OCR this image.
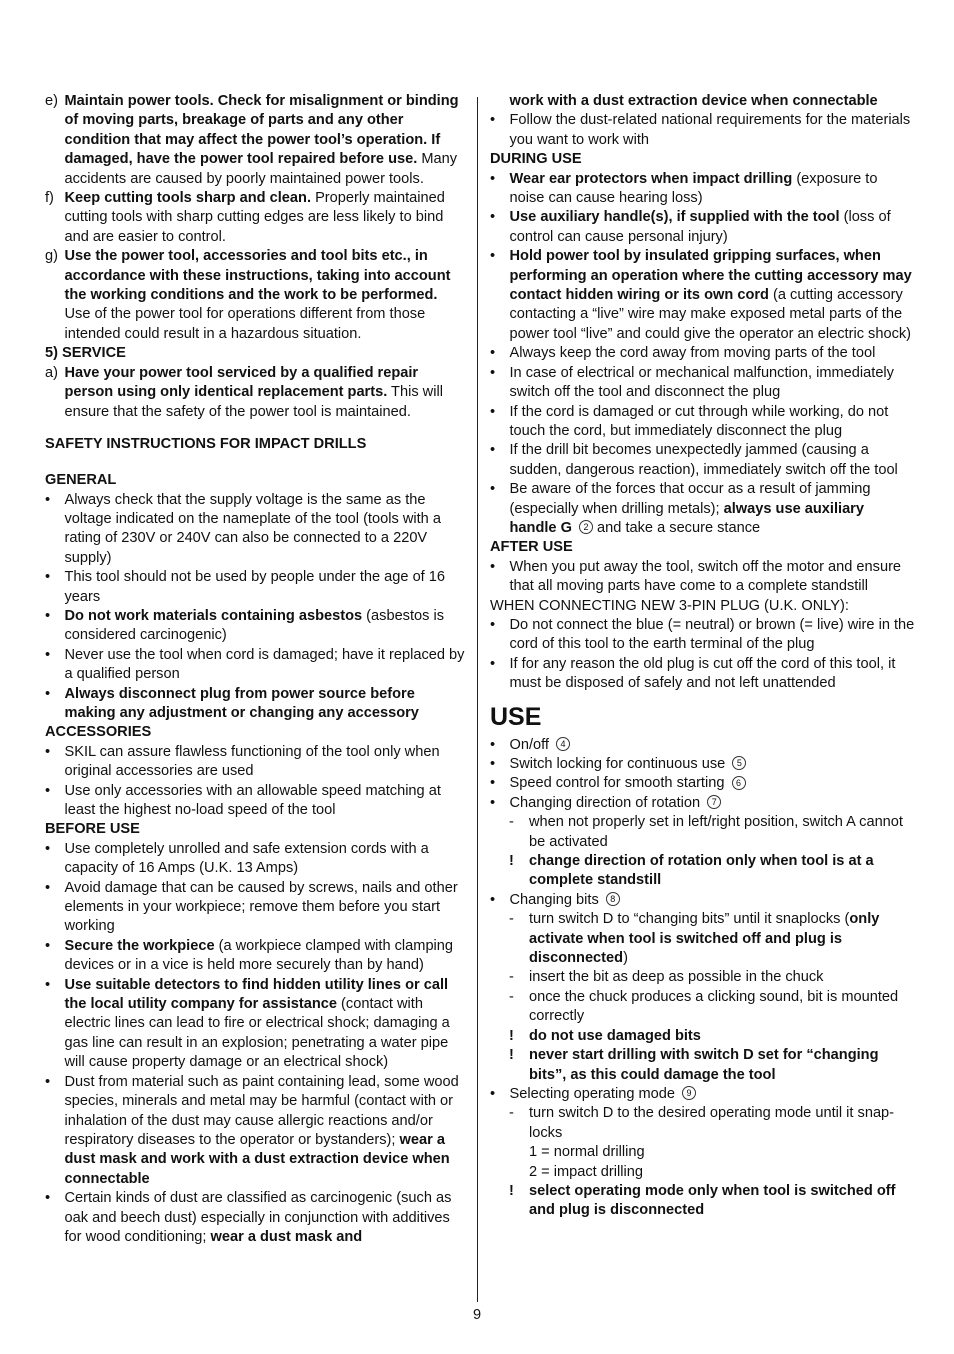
e) Maintain power tools. Check for misalignment or binding of moving parts, breakage of parts and any other condition that may affect the power tool’s operation. If damaged, have the power tool repaired before use. Many accidents are caused by poorly maintained power tools.
f) Keep cutting tools sharp and clean. Properly maintained cutting tools with sharp cutting edges are less likely to bind and are easier to control.
g) Use the power tool, accessories and tool bits etc., in accordance with these instructions, taking into account the working conditions and the work to be performed. Use of the power tool for operations different from those intended could result in a hazardous situation.
5) SERVICE
a) Have your power tool serviced by a qualified repair person using only identical replacement parts. This will ensure that the safety of the power tool is maintained.
SAFETY INSTRUCTIONS FOR IMPACT DRILLS
GENERAL
• Always check that the supply voltage is the same as the voltage indicated on the nameplate of the tool (tools with a rating of 230V or 240V can also be connected to a 220V supply)
• This tool should not be used by people under the age of 16 years
• Do not work materials containing asbestos (asbestos is considered carcinogenic)
• Never use the tool when cord is damaged; have it replaced by a qualified person
• Always disconnect plug from power source before making any adjustment or changing any accessory
ACCESSORIES
• SKIL can assure flawless functioning of the tool only when original accessories are used
• Use only accessories with an allowable speed matching at least the highest no-load speed of the tool
BEFORE USE
• Use completely unrolled and safe extension cords with a capacity of 16 Amps (U.K. 13 Amps)
• Avoid damage that can be caused by screws, nails and other elements in your workpiece; remove them before you start working
• Secure the workpiece (a workpiece clamped with clamping devices or in a vice is held more securely than by hand)
• Use suitable detectors to find hidden utility lines or call the local utility company for assistance (contact with electric lines can lead to fire or electrical shock; damaging a gas line can result in an explosion; penetrating a water pipe will cause property damage or an electrical shock)
• Dust from material such as paint containing lead, some wood species, minerals and metal may be harmful (contact with or inhalation of the dust may cause allergic reactions and/or respiratory diseases to the operator or bystanders); wear a dust mask and work with a dust extraction device when connectable
• Certain kinds of dust are classified as carcinogenic (such as oak and beech dust) especially in conjunction with additives for wood conditioning; wear a dust mask and
work with a dust extraction device when connectable
• Follow the dust-related national requirements for the materials you want to work with
DURING USE
• Wear ear protectors when impact drilling (exposure to noise can cause hearing loss)
• Use auxiliary handle(s), if supplied with the tool (loss of control can cause personal injury)
• Hold power tool by insulated gripping surfaces, when performing an operation where the cutting accessory may contact hidden wiring or its own cord (a cutting accessory contacting a “live” wire may make exposed metal parts of the power tool “live” and could give the operator an electric shock)
• Always keep the cord away from moving parts of the tool
• In case of electrical or mechanical malfunction, immediately switch off the tool and disconnect the plug
• If the cord is damaged or cut through while working, do not touch the cord, but immediately disconnect the plug
• If the drill bit becomes unexpectedly jammed (causing a sudden, dangerous reaction), immediately switch off the tool
• Be aware of the forces that occur as a result of jamming (especially when drilling metals); always use auxiliary handle G 2 and take a secure stance
AFTER USE
• When you put away the tool, switch off the motor and ensure that all moving parts have come to a complete standstill
WHEN CONNECTING NEW 3-PIN PLUG (U.K. ONLY):
• Do not connect the blue (= neutral) or brown (= live) wire in the cord of this tool to the earth terminal of the plug
• If for any reason the old plug is cut off the cord of this tool, it must be disposed of safely and not left unattended
USE
• On/off 4
• Switch locking for continuous use 5
• Speed control for smooth starting 6
• Changing direction of rotation 7
- when not properly set in left/right position, switch A cannot be activated
! change direction of rotation only when tool is at a complete standstill
• Changing bits 8
- turn switch D to “changing bits” until it snaplocks (only activate when tool is switched off and plug is disconnected)
- insert the bit as deep as possible in the chuck
- once the chuck produces a clicking sound, bit is mounted correctly
! do not use damaged bits
! never start drilling with switch D set for “changing bits”, as this could damage the tool
• Selecting operating mode 9
- turn switch D to the desired operating mode until it snap-locks
1 = normal drilling
2 = impact drilling
! select operating mode only when tool is switched off and plug is disconnected
9
